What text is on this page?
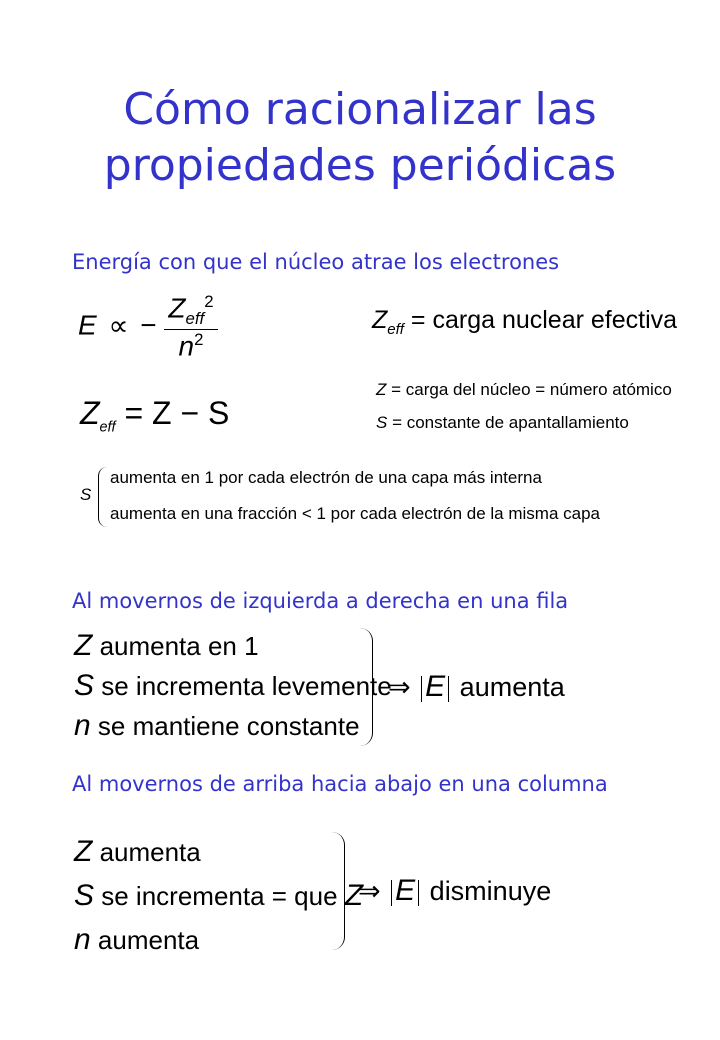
Cómo racionalizar las
propiedades periódicas
Energía con que el núcleo atrae los electrones
E ∝ − $\frac{Z_{eff}^2}{n^2}$
$Z_{eff} = Z - S$
$Z_{eff}$ = carga nuclear efectiva
Z = carga del núcleo = número atómico
S = constante de apantallamiento
S
aumenta en 1 por cada electrón de una capa más interna
aumenta en una fracción < 1 por cada electrón de la misma capa
Al movernos de izquierda a derecha en una fila
Z aumenta en 1
S se incrementa levemente
n se mantiene constante
⇒ E aumenta
Al movernos de arriba hacia abajo en una columna
Z aumenta
S se incrementa = que Z
n aumenta
⇒ E disminuye
